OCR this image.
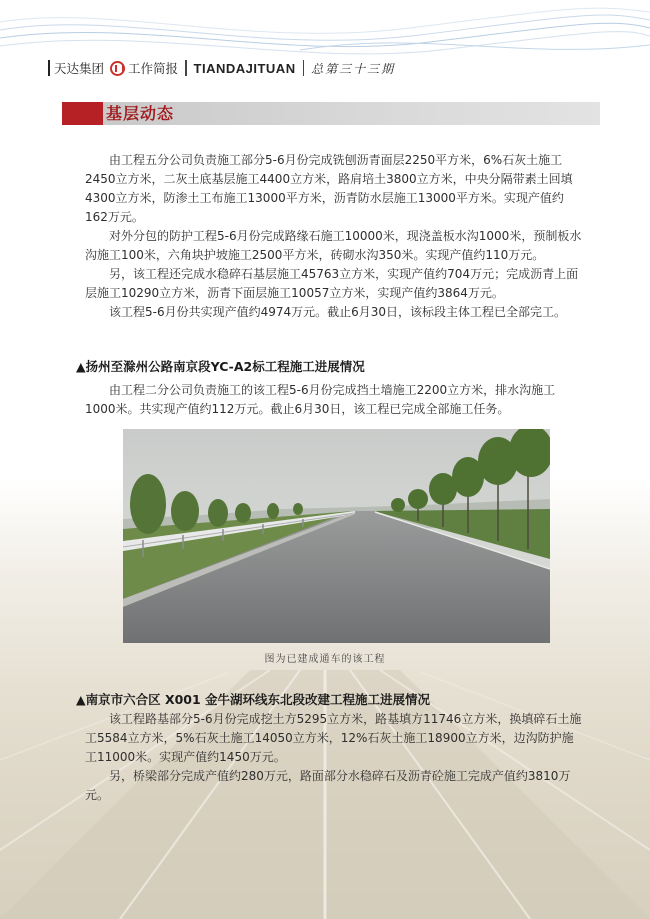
天达集团 工作简报 TIANDAJITUAN 总第三十三期
基层动态

由工程五分公司负责施工部分5-6月份完成铣刨沥青面层2250平方米，6%石灰土施工2450立方米，二灰土底基层施工4400立方米，路肩培土3800立方米，中央分隔带素土回填4300立方米，防渗土工布施工13000平方米，沥青防水层施工13000平方米。实现产值约162万元。

对外分包的防护工程5-6月份完成路缘石施工10000米，现浇盖板水沟1000米，预制板水沟施工100米，六角块护坡施工2500平方米，砖砌水沟350米。实现产值约110万元。

另，该工程还完成水稳碎石基层施工45763立方米，实现产值约704万元；完成沥青上面层施工10290立方米，沥青下面层施工10057立方米，实现产值约3864万元。

该工程5-6月份共实现产值约4974万元。截止6月30日，该标段主体工程已全部完工。

▲扬州至滁州公路南京段YC-A2标工程施工进展情况

由工程二分公司负责施工的该工程5-6月份完成挡土墙施工2200立方米，排水沟施工1000米。共实现产值约112万元。截止6月30日，该工程已完成全部施工任务。

图为已建成通车的该工程
▲南京市六合区 X001 金牛湖环线东北段改建工程施工进展情况

该工程路基部分5-6月份完成挖土方5295立方米，路基填方11746立方米，换填碎石土施工5584立方米，5%石灰土施工14050立方米，12%石灰土施工18900立方米，边沟防护施工11000米。实现产值约1450万元。

另，桥梁部分完成产值约280万元，路面部分水稳碎石及沥青砼施工完成产值约3810万元。
